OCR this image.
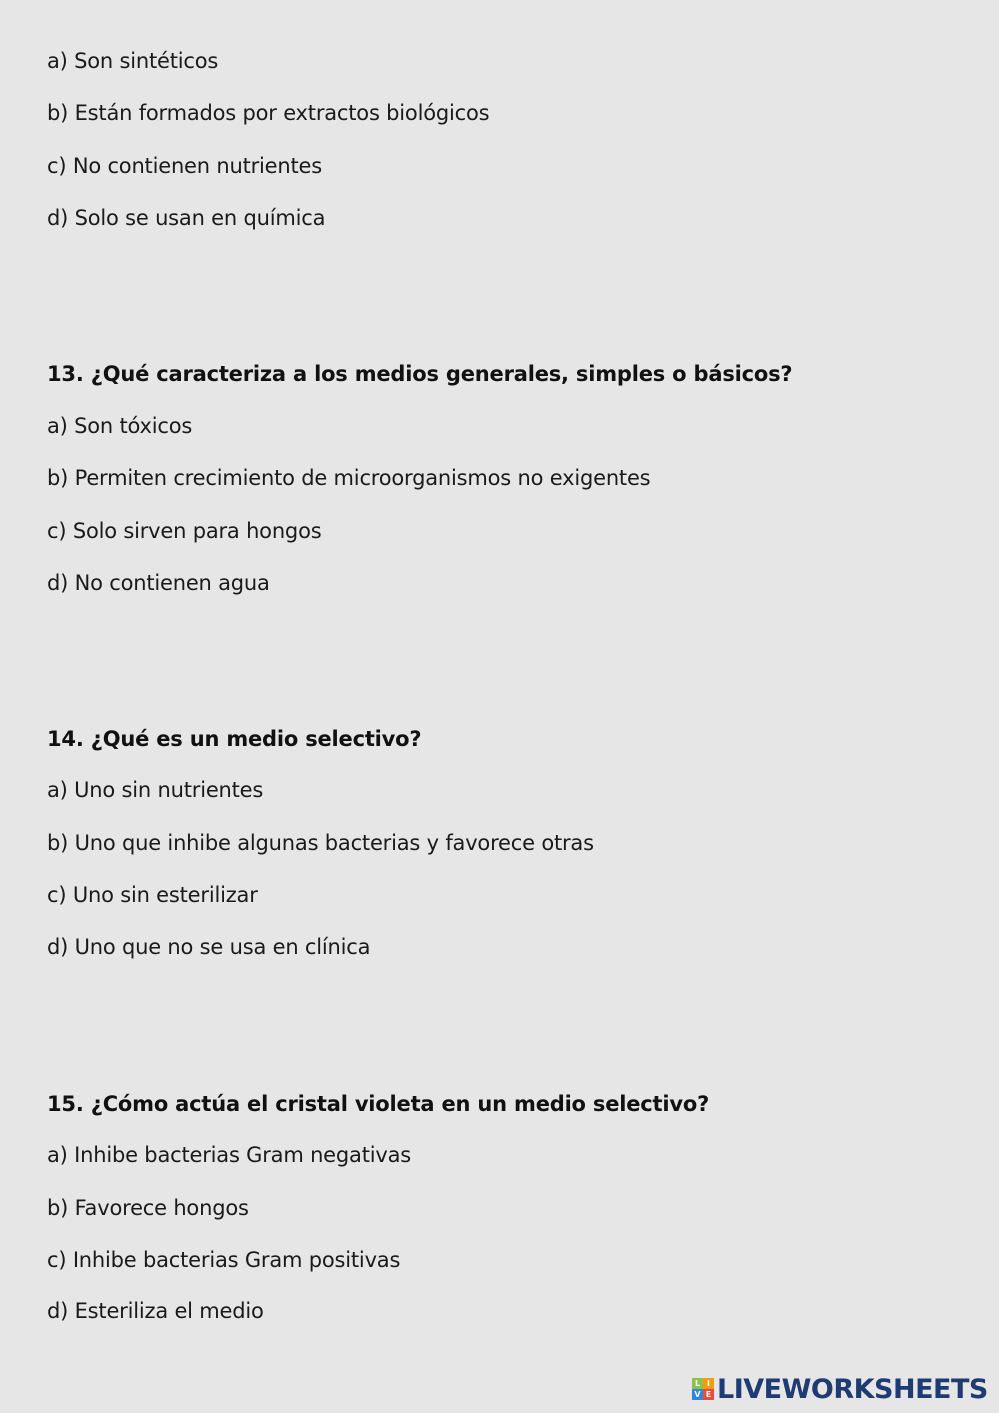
a) Son sintéticos
b) Están formados por extractos biológicos
c) No contienen nutrientes
d) Solo se usan en química
13. ¿Qué caracteriza a los medios generales, simples o básicos?
a) Son tóxicos
b) Permiten crecimiento de microorganismos no exigentes
c) Solo sirven para hongos
d) No contienen agua
14. ¿Qué es un medio selectivo?
a) Uno sin nutrientes
b) Uno que inhibe algunas bacterias y favorece otras
c) Uno sin esterilizar
d) Uno que no se usa en clínica
15. ¿Cómo actúa el cristal violeta en un medio selectivo?
a) Inhibe bacterias Gram negativas
b) Favorece hongos
c) Inhibe bacterias Gram positivas
d) Esteriliza el medio
L I
V E LIVEWORKSHEETS
